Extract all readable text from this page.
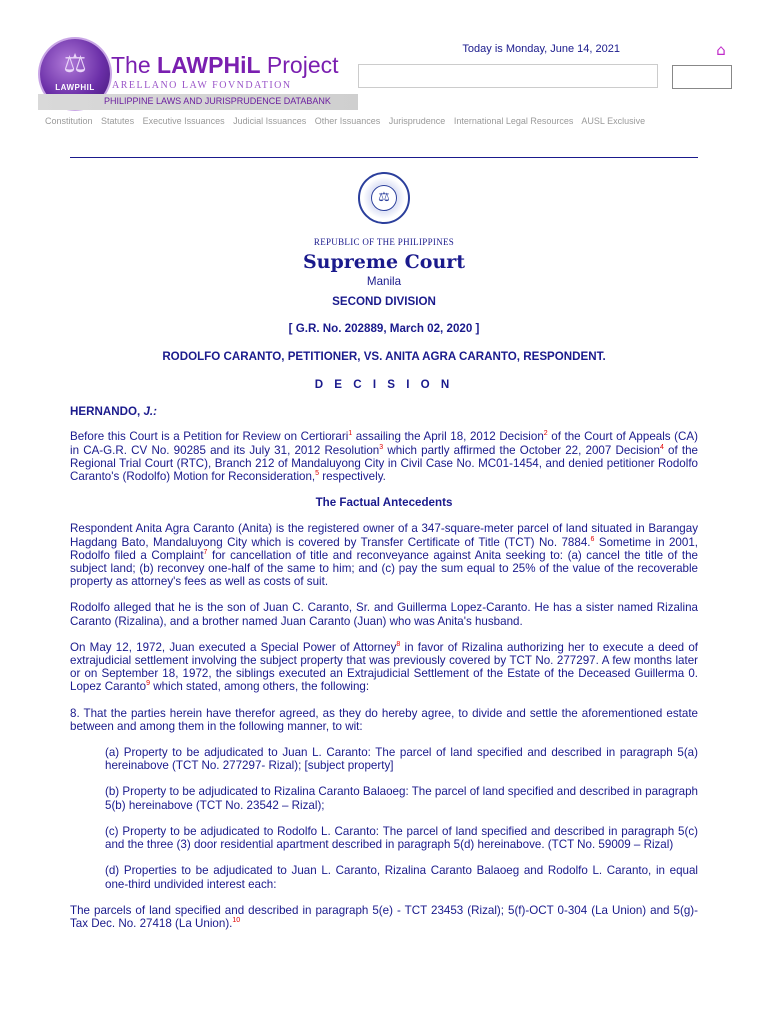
⚖
LAWPHIL
The LAWPHiL Project
ARELLANO LAW FOVNDATION
PHILIPPINE LAWS AND JURISPRUDENCE DATABANK
Today is Monday, June 14, 2021	⌂
Constitution Statutes Executive Issuances Judicial Issuances Other Issuances Jurisprudence International Legal Resources AUSL Exclusive
⚖
REPUBLIC OF THE PHILIPPINES
Supreme Court
Manila
SECOND DIVISION
[ G.R. No. 202889, March 02, 2020 ]
RODOLFO CARANTO, PETITIONER, VS. ANITA AGRA CARANTO, RESPONDENT.
D E C I S I O N
HERNANDO, J.:

Before this Court is a Petition for Review on Certiorari$^1$ assailing the April 18, 2012 Decision$^2$ of the Court of Appeals (CA) in CA-G.R. CV No. 90285 and its July 31, 2012 Resolution$^3$ which partly affirmed the October 22, 2007 Decision$^4$ of the Regional Trial Court (RTC), Branch 212 of Mandaluyong City in Civil Case No. MC01-1454, and denied petitioner Rodolfo Caranto's (Rodolfo) Motion for Reconsideration,$^5$ respectively.

The Factual Antecedents

Respondent Anita Agra Caranto (Anita) is the registered owner of a 347-square-meter parcel of land situated in Barangay Hagdang Bato, Mandaluyong City which is covered by Transfer Certificate of Title (TCT) No. 7884.$^6$ Sometime in 2001, Rodolfo filed a Complaint$^7$ for cancellation of title and reconveyance against Anita seeking to: (a) cancel the title of the subject land; (b) reconvey one-half of the same to him; and (c) pay the sum equal to 25% of the value of the recoverable property as attorney's fees as well as costs of suit.

Rodolfo alleged that he is the son of Juan C. Caranto, Sr. and Guillerma Lopez-Caranto. He has a sister named Rizalina Caranto (Rizalina), and a brother named Juan Caranto (Juan) who was Anita's husband.

On May 12, 1972, Juan executed a Special Power of Attorney$^8$ in favor of Rizalina authorizing her to execute a deed of extrajudicial settlement involving the subject property that was previously covered by TCT No. 277297. A few months later or on September 18, 1972, the siblings executed an Extrajudicial Settlement of the Estate of the Deceased Guillerma 0. Lopez Caranto$^9$ which stated, among others, the following:

8. That the parties herein have therefor agreed, as they do hereby agree, to divide and settle the aforementioned estate between and among them in the following manner, to wit:

(a) Property to be adjudicated to Juan L. Caranto: The parcel of land specified and described in paragraph 5(a) hereinabove (TCT No. 277297- Rizal); [subject property]

(b) Property to be adjudicated to Rizalina Caranto Balaoeg: The parcel of land specified and described in paragraph 5(b) hereinabove (TCT No. 23542 – Rizal);

(c) Property to be adjudicated to Rodolfo L. Caranto: The parcel of land specified and described in paragraph 5(c) and the three (3) door residential apartment described in paragraph 5(d) hereinabove. (TCT No. 59009 – Rizal)

(d) Properties to be adjudicated to Juan L. Caranto, Rizalina Caranto Balaoeg and Rodolfo L. Caranto, in equal one-third undivided interest each:

The parcels of land specified and described in paragraph 5(e) - TCT 23453 (Rizal); 5(f)-OCT 0-304 (La Union) and 5(g)-Tax Dec. No. 27418 (La Union).$^{10}$
